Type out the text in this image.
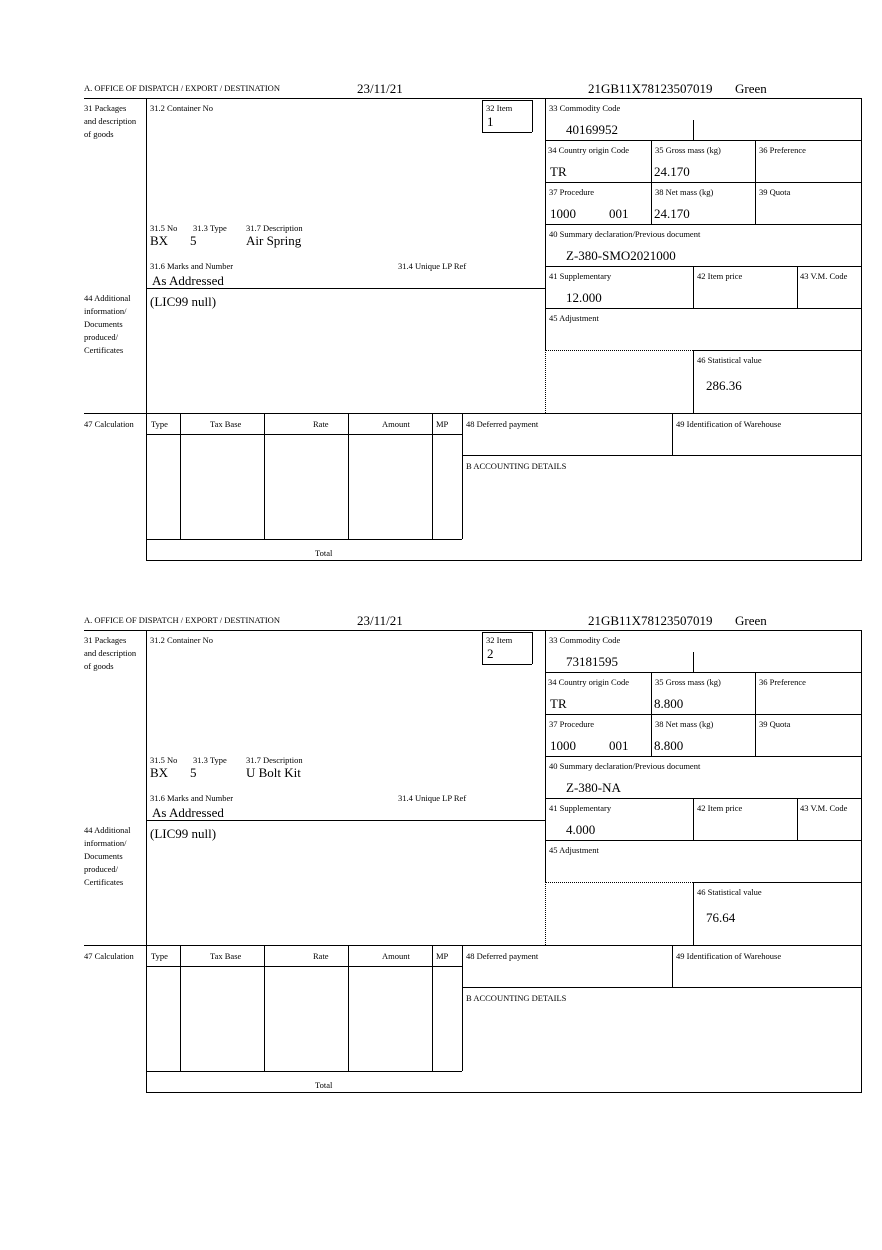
A. OFFICE OF DISPATCH / EXPORT / DESTINATION	23/11/21	21GB11X78123507019 Green
31 Packages and description of goods
31.2 Container No	32 Item
1
33 Commodity Code
40169952
34 Country origin Code
TR
35 Gross mass (kg)
24.170
36 Preference
37 Procedure
1000	001
38 Net mass (kg)
24.170
39 Quota
40 Summary declaration/Previous document
Z-380-SMO2021000
31.5 No 31.3 Type 31.7 Description
BX 5	Air Spring
31.6 Marks and Number
As Addressed
31.4 Unique LP Ref
41 Supplementary
12.000
42 Item price	43 V.M. Code
44 Additional information/ Documents produced/ Certificates
(LIC99 null)
45 Adjustment
46 Statistical value
286.36
47 Calculation	Type	Tax Base	Rate	Amount	MP 48 Deferred payment	49 Identification of Warehouse
B ACCOUNTING DETAILS
Total
A. OFFICE OF DISPATCH / EXPORT / DESTINATION	23/11/21	21GB11X78123507019 Green
31 Packages and description of goods
31.2 Container No	32 Item
2
33 Commodity Code
73181595
34 Country origin Code
TR
35 Gross mass (kg)
8.800
36 Preference
37 Procedure
1000	001
38 Net mass (kg)
8.800
39 Quota
40 Summary declaration/Previous document
Z-380-NA
31.5 No 31.3 Type 31.7 Description
BX 5	U Bolt Kit
31.6 Marks and Number
As Addressed
31.4 Unique LP Ref
41 Supplementary
4.000
42 Item price	43 V.M. Code
44 Additional information/ Documents produced/ Certificates
(LIC99 null)
45 Adjustment
46 Statistical value
76.64
47 Calculation	Type	Tax Base	Rate	Amount	MP 48 Deferred payment	49 Identification of Warehouse
B ACCOUNTING DETAILS
Total
